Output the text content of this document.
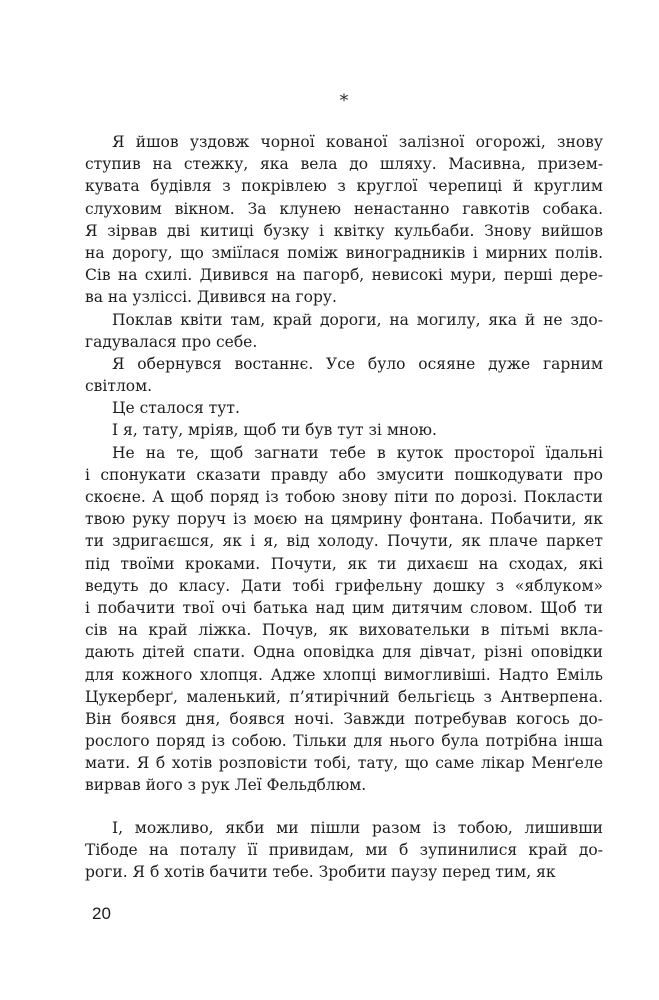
*
Я йшов уздовж чорної кованої залізної огорожі, знову
ступив на стежку, яка вела до шляху. Масивна, призем-
кувата будівля з покрівлею з круглої черепиці й круглим
слуховим вікном. За клунею ненастанно гавкотів собака.
Я зірвав дві китиці бузку і квітку кульбаби. Знову вийшов
на дорогу, що зміїлася поміж виноградників і мирних полів.
Сів на схилі. Дивився на пагорб, невисокі мури, перші дере-
ва на узліссі. Дивився на гору.
Поклав квіти там, край дороги, на могилу, яка й не здо-
гадувалася про себе.
Я обернувся востаннє. Усе було осяяне дуже гарним
світлом.
Це сталося тут.
І я, тату, мріяв, щоб ти був тут зі мною.
Не на те, щоб загнати тебе в куток просторої їдальні
і спонукати сказати правду або змусити пошкодувати про
скоєне. А щоб поряд із тобою знову піти по дорозі. Покласти
твою руку поруч із моєю на цямрину фонтана. Побачити, як
ти здригаєшся, як і я, від холоду. Почути, як плаче паркет
під твоїми кроками. Почути, як ти дихаєш на сходах, які
ведуть до класу. Дати тобі грифельну дошку з «яблуком»
і побачити твої очі батька над цим дитячим словом. Щоб ти
сів на край ліжка. Почув, як виховательки в пітьмі вкла-
дають дітей спати. Одна оповідка для дівчат, різні оповідки
для кожного хлопця. Адже хлопці вимогливіші. Надто Еміль
Цукерберґ, маленький, п’ятирічний бельгієць з Антверпена.
Він боявся дня, боявся ночі. Завжди потребував когось до-
рослого поряд із собою. Тільки для нього була потрібна інша
мати. Я б хотів розповісти тобі, тату, що саме лікар Менґеле
вирвав його з рук Леї Фельдблюм.
І, можливо, якби ми пішли разом із тобою, лишивши
Тібоде на поталу її привидам, ми б зупинилися край до-
роги. Я б хотів бачити тебе. Зробити паузу перед тим, як
20
